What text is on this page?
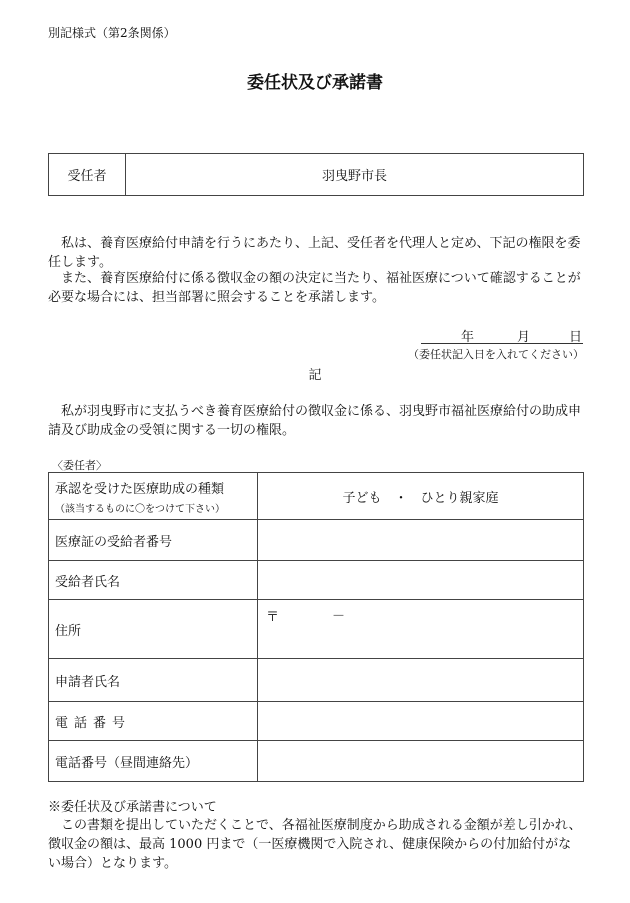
別記様式（第2条関係）
委任状及び承諾書
受任者	羽曳野市長
　私は、養育医療給付申請を行うにあたり、上記、受任者を代理人と定め、下記の権限を委任します。
　また、養育医療給付に係る徴収金の額の決定に当たり、福祉医療について確認することが必要な場合には、担当部署に照会することを承諾します。
年	月	日
（委任状記入日を入れてください）
記
　私が羽曳野市に支払うべき養育医療給付の徴収金に係る、羽曳野市福祉医療給付の助成申請及び助成金の受領に関する一切の権限。
〈委任者〉
承認を受けた医療助成の種類
（該当するものに〇をつけて下さい）	子ども　・　ひとり親家庭
医療証の受給者番号	
受給者氏名	
住所	〒 －

申請者氏名	
電話番号	
電話番号（昼間連絡先）	
※委任状及び承諾書について
　この書類を提出していただくことで、各福祉医療制度から助成される金額が差し引かれ、徴収金の額は、最高 1000 円まで（一医療機関で入院され、健康保険からの付加給付がない場合）となります。
